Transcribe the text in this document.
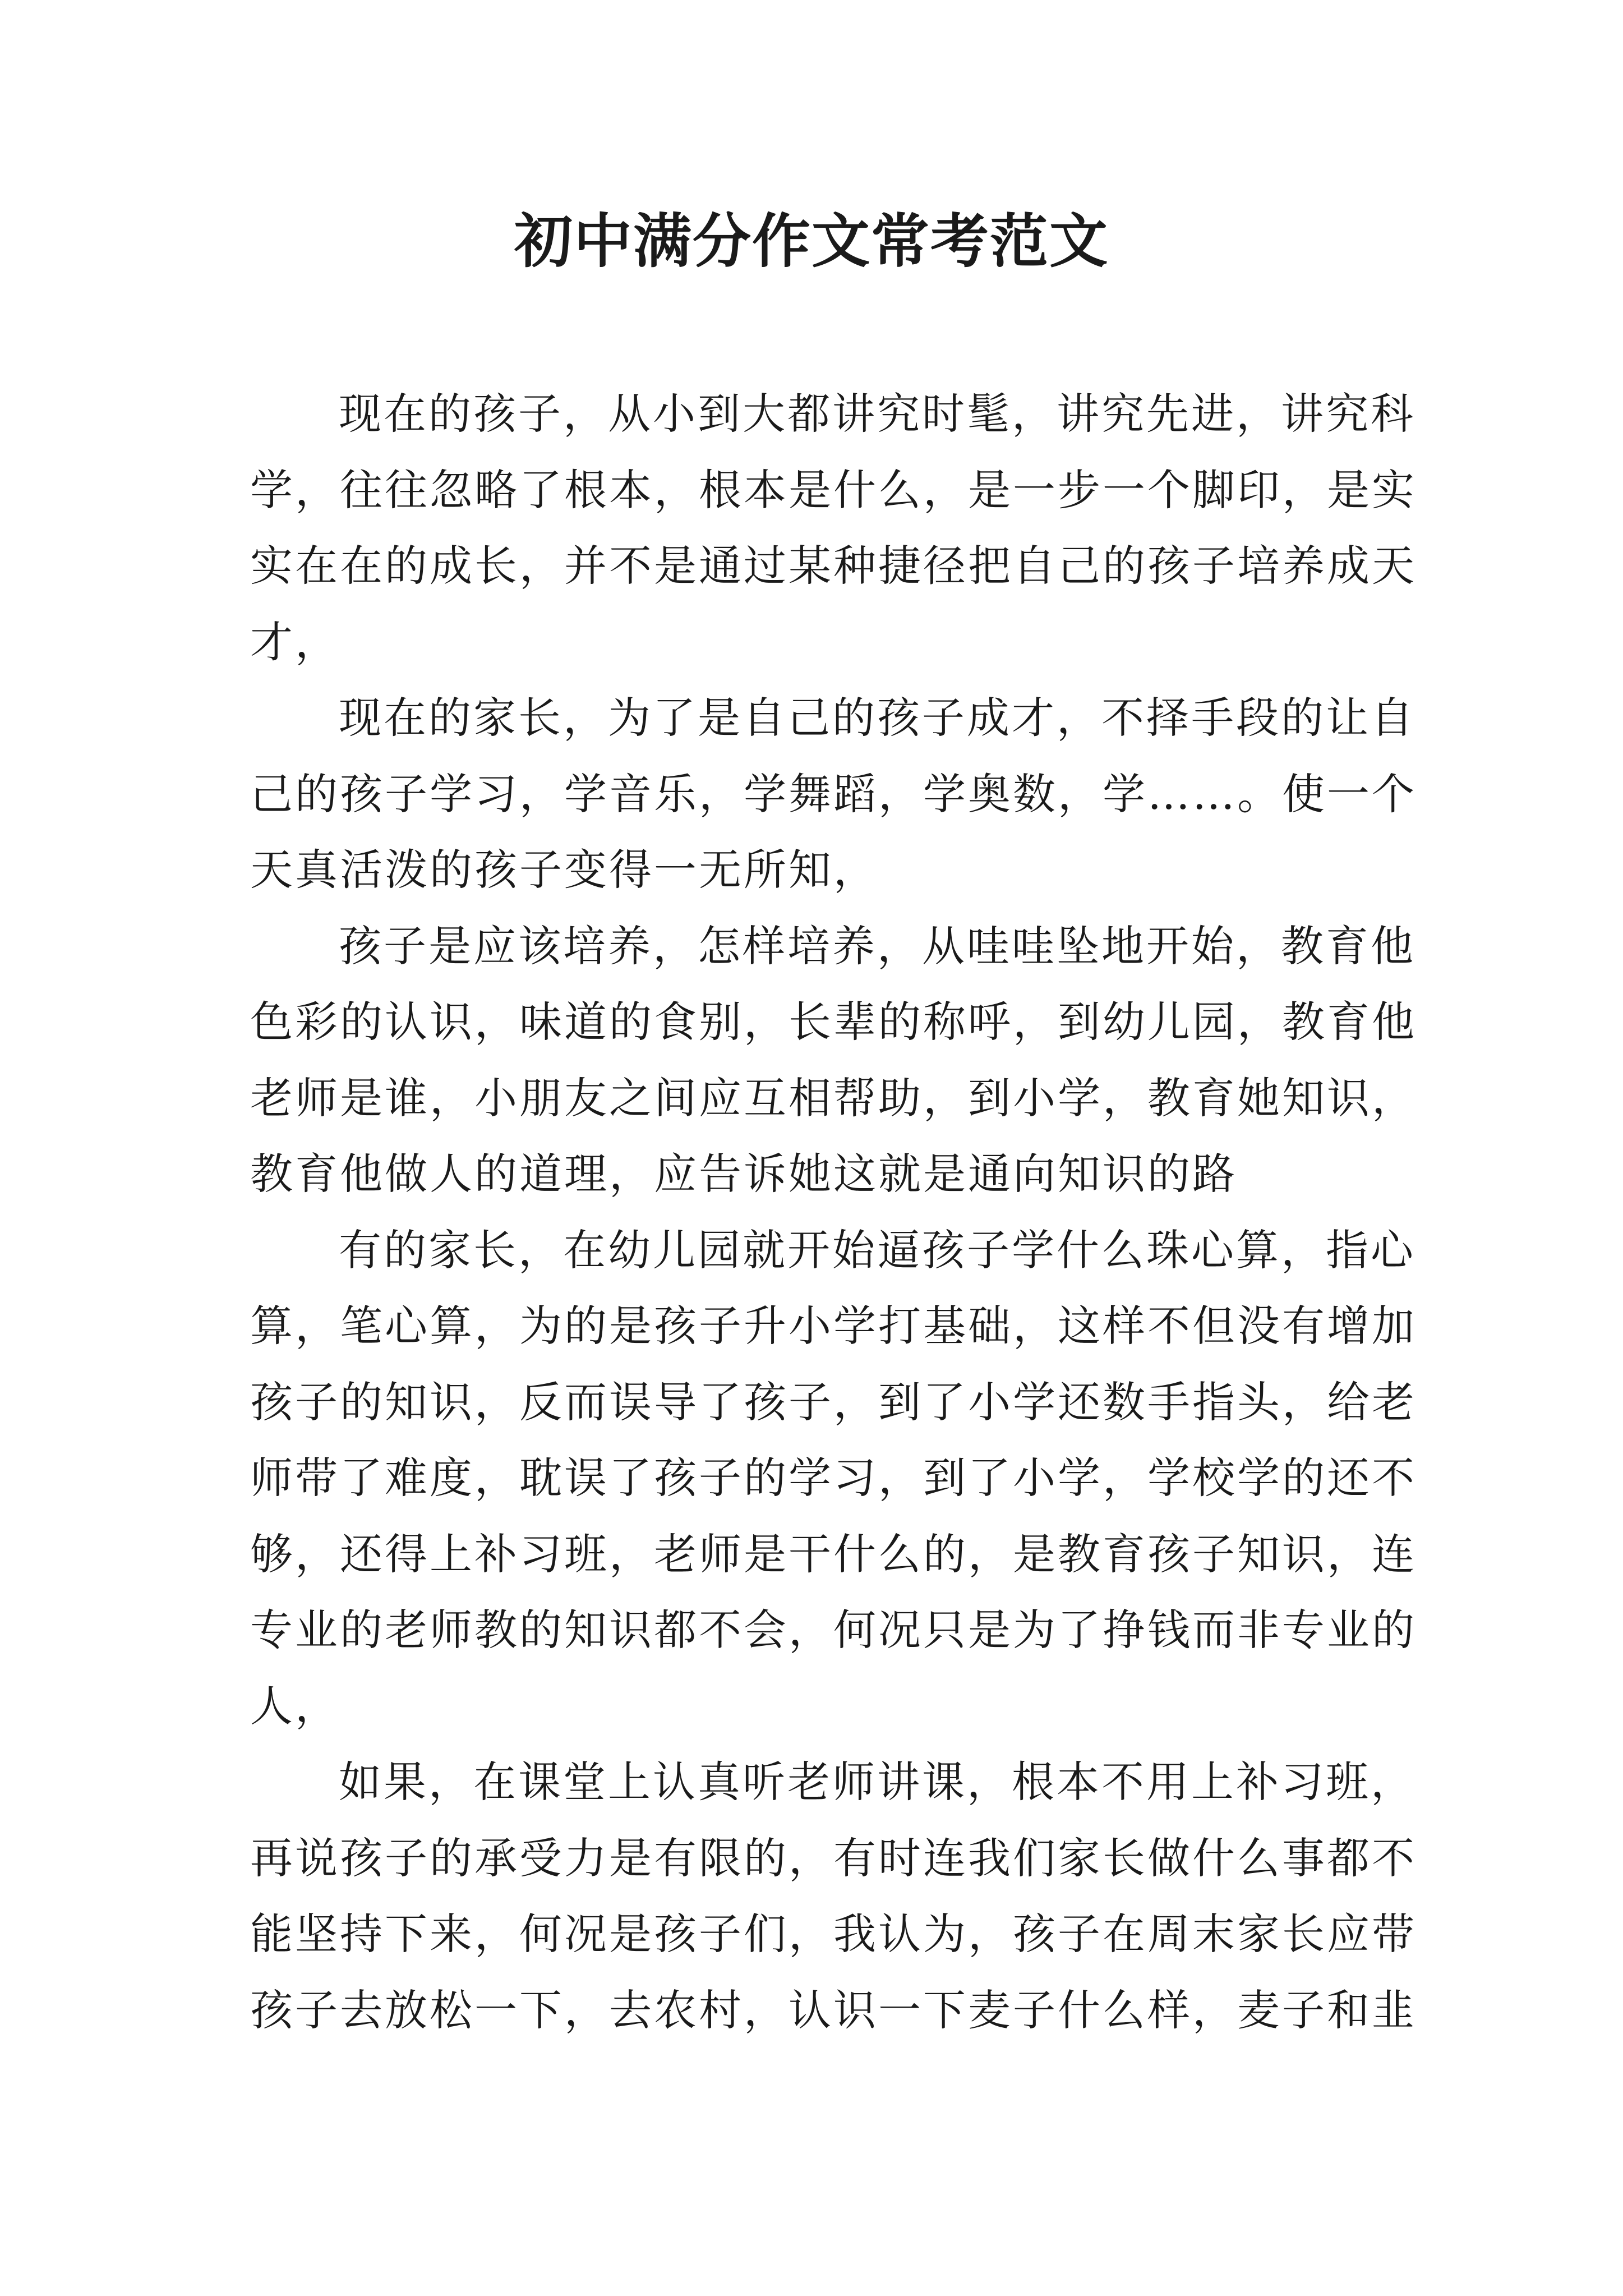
初中满分作文常考范文

现在的孩子，从小到大都讲究时髦，讲究先进，讲究科
学，往往忽略了根本，根本是什么，是一步一个脚印，是实
实在在的成长，并不是通过某种捷径把自己的孩子培养成天
才，

现在的家长，为了是自己的孩子成才，不择手段的让自
己的孩子学习，学音乐，学舞蹈，学奥数，学……。使一个
天真活泼的孩子变得一无所知，

孩子是应该培养，怎样培养，从哇哇坠地开始，教育他
色彩的认识，味道的食别，长辈的称呼，到幼儿园，教育他
老师是谁，小朋友之间应互相帮助，到小学，教育她知识，
教育他做人的道理，应告诉她这就是通向知识的路

有的家长，在幼儿园就开始逼孩子学什么珠心算，指心
算，笔心算，为的是孩子升小学打基础，这样不但没有增加
孩子的知识，反而误导了孩子，到了小学还数手指头，给老
师带了难度，耽误了孩子的学习，到了小学，学校学的还不
够，还得上补习班，老师是干什么的，是教育孩子知识，连
专业的老师教的知识都不会，何况只是为了挣钱而非专业的
人，

如果，在课堂上认真听老师讲课，根本不用上补习班，
再说孩子的承受力是有限的，有时连我们家长做什么事都不
能坚持下来，何况是孩子们，我认为，孩子在周末家长应带
孩子去放松一下，去农村，认识一下麦子什么样，麦子和韭
